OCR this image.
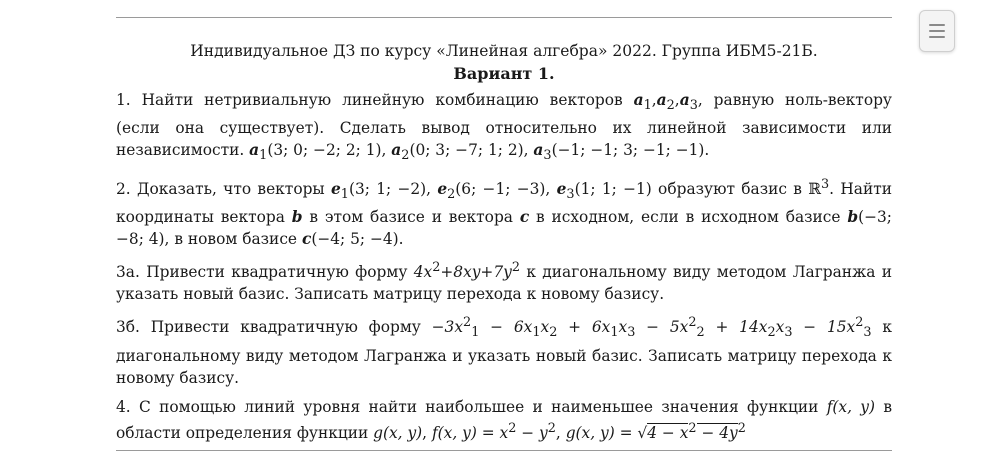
Индивидуальное ДЗ по курсу «Линейная алгебра» 2022. Группа ИБМ5-21Б.
Вариант 1.

1. Найти нетривиальную линейную комбинацию векторов $a_1,a_2,a_3$, равную ноль-вектору (если она существует). Сделать вывод относительно их линейной зависимости или независимости. $a_1(3$; 0; −2; 2; 1), $a_2(0$; 3; −7; 1; 2), $a_3(-1$; −1; 3; −1; −1).

2. Доказать, что векторы $e_1(3$; 1; −2), $e_2(6$; −1; −3), $e_3(1$; 1; −1) образуют базис в ℝ$^3$. Найти координаты вектора b в этом базисе и вектора c в исходном, если в исходном базисе b(−3; −8; 4), в новом базисе c(−4; 5; −4).

3а. Привести квадратичную форму $4x^2+8xy+7y^2$ к диагональному виду методом Лагранжа и указать новый базис. Записать матрицу перехода к новому базису.

3б. Привести квадратичную форму $-3x^2_1 - 6x_1x_2 + 6x_1x_3 - 5x^2_2 + 14x_2x_3 - 15x^2_3$ к диагональному виду методом Лагранжа и указать новый базис. Записать матрицу перехода к новому базису.

4. С помощью линий уровня найти наибольшее и наименьшее значения функции f(x, y) в области определения функции g(x, y), f(x, $y) = x^2 - y^2$, g(x, $y) = √4 - x^2 - 4y^2$
